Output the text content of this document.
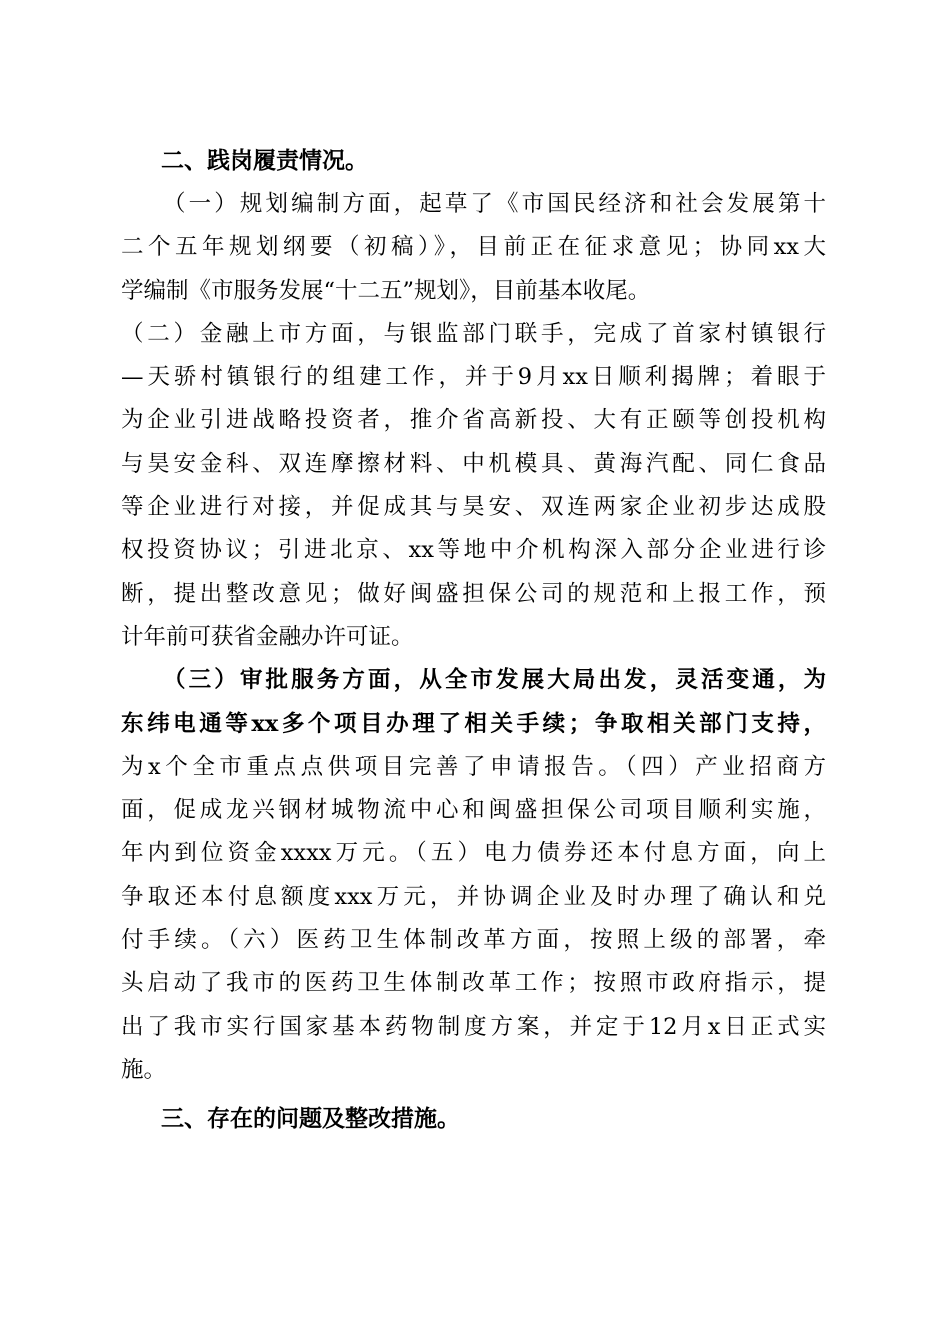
二、践岗履责情况。

（一）规划编制方面，起草了《市国民经济和社会发展第十
二个五年规划纲要（初稿）》，目前正在征求意见；协同xx大
学编制《市服务发展“十二五”规划》，目前基本收尾。

（二）金融上市方面，与银监部门联手，完成了首家村镇银行
—天骄村镇银行的组建工作，并于9月xx日顺利揭牌；着眼于
为企业引进战略投资者，推介省高新投、大有正颐等创投机构
与昊安金科、双连摩擦材料、中机模具、黄海汽配、同仁食品
等企业进行对接，并促成其与昊安、双连两家企业初步达成股
权投资协议；引进北京、xx等地中介机构深入部分企业进行诊
断，提出整改意见；做好闽盛担保公司的规范和上报工作，预
计年前可获省金融办许可证。

（三）审批服务方面，从全市发展大局出发，灵活变通，为
东纬电通等xx多个项目办理了相关手续；争取相关部门支持，
为x个全市重点点供项目完善了申请报告。（四）产业招商方
面，促成龙兴钢材城物流中心和闽盛担保公司项目顺利实施，
年内到位资金xxxx万元。（五）电力债券还本付息方面，向上
争取还本付息额度xxx万元，并协调企业及时办理了确认和兑
付手续。（六）医药卫生体制改革方面，按照上级的部署，牵
头启动了我市的医药卫生体制改革工作；按照市政府指示，提
出了我市实行国家基本药物制度方案，并定于12月x日正式实
施。

三、存在的问题及整改措施。
